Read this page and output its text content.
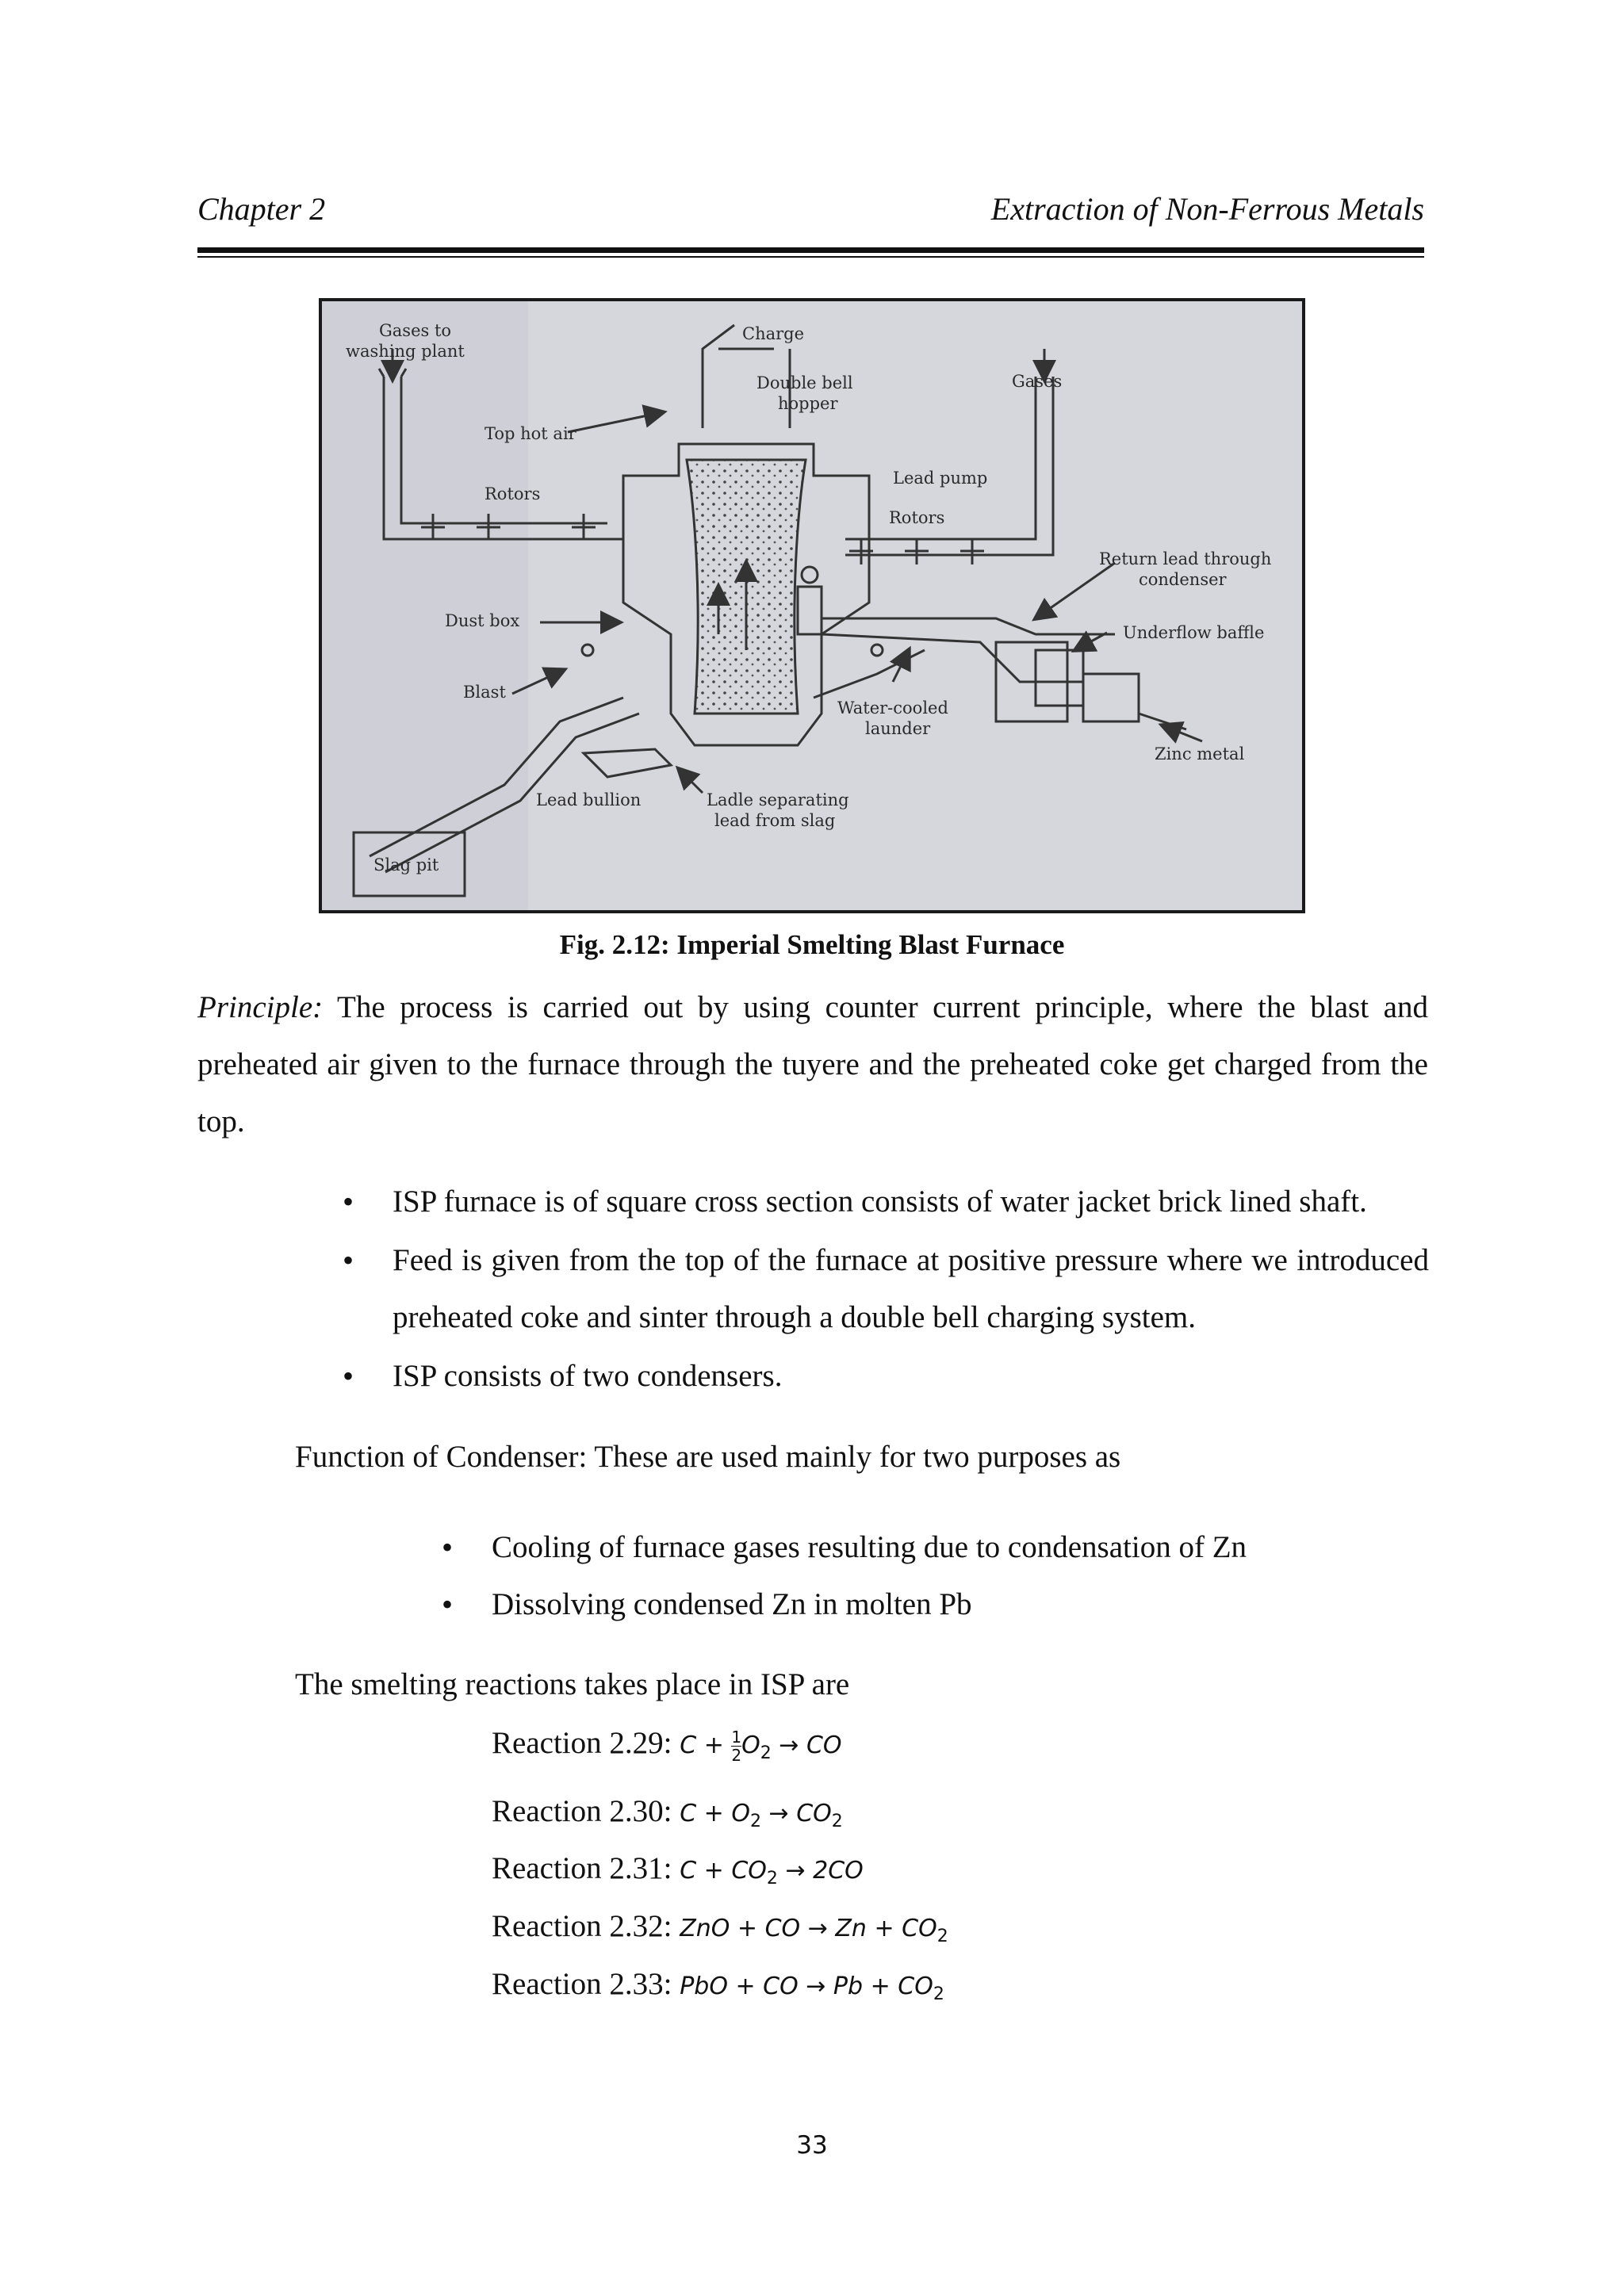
Chapter 2	Extraction of Non-Ferrous Metals
Gases to
washing plant
Charge
Double bell
hopper
Gases
Top hot air
Rotors
Lead pump
Rotors
Return lead through
condenser
Dust box
Underflow baffle
Blast
Water-cooled
launder
Zinc metal
Lead bullion	Ladle separating
lead from slag
Slag pit
Fig. 2.12: Imperial Smelting Blast Furnace
Principle: The process is carried out by using counter current principle, where the blast and preheated air given to the furnace through the tuyere and the preheated coke get charged from the top.
• ISP furnace is of square cross section consists of water jacket brick lined shaft.
• Feed is given from the top of the furnace at positive pressure where we introduced preheated coke and sinter through a double bell charging system.
• ISP consists of two condensers.
Function of Condenser: These are used mainly for two purposes as
• Cooling of furnace gases resulting due to condensation of Zn
• Dissolving condensed Zn in molten Pb
The smelting reactions takes place in ISP are
Reaction 2.29: $C + \frac{1}{2} O_2$ → CO
Reaction 2.30: $C + O_2 \to CO_2$
Reaction 2.31: $C + CO_2 \to 2CO$
Reaction 2.32: ZnO + CO → $Zn + CO_2$
Reaction 2.33: PbO + CO → $Pb + CO_2$
33
